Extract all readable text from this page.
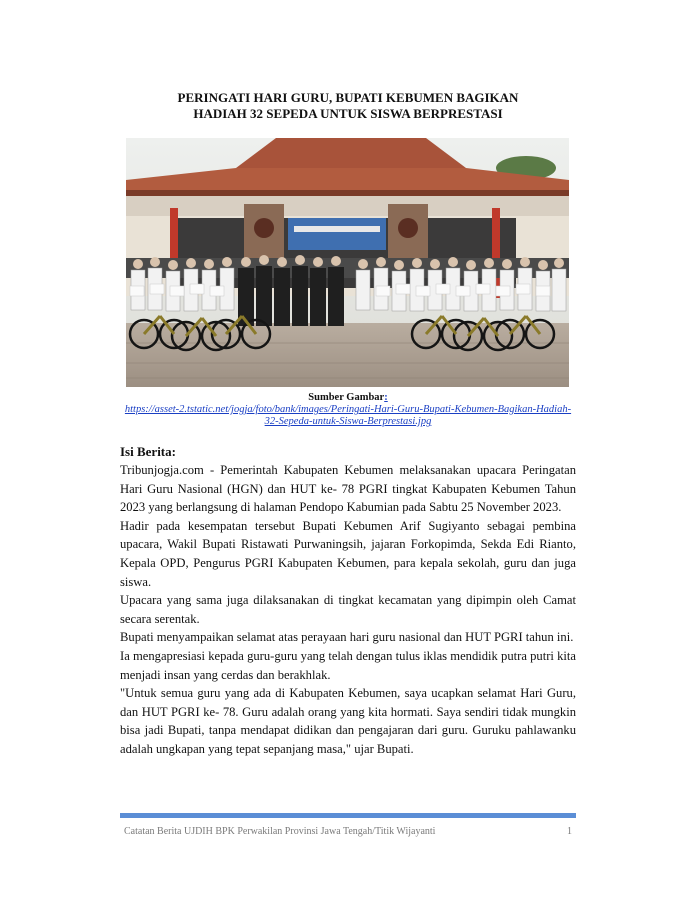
PERINGATI HARI GURU, BUPATI KEBUMEN BAGIKAN
HADIAH 32 SEPEDA UNTUK SISWA BERPRESTASI
Sumber Gambar:
https://asset-2.tstatic.net/jogja/foto/bank/images/Peringati-Hari-Guru-Bupati-Kebumen-Bagikan-Hadiah-
32-Sepeda-untuk-Siswa-Berprestasi.jpg
Isi Berita:

Tribunjogja.com - Pemerintah Kabupaten Kebumen melaksanakan upacara Peringatan Hari Guru Nasional (HGN) dan HUT ke- 78 PGRI tingkat Kabupaten Kebumen Tahun 2023 yang berlangsung di halaman Pendopo Kabumian pada Sabtu 25 November 2023.

Hadir pada kesempatan tersebut Bupati Kebumen Arif Sugiyanto sebagai pembina upacara, Wakil Bupati Ristawati Purwaningsih, jajaran Forkopimda, Sekda Edi Rianto, Kepala OPD, Pengurus PGRI Kabupaten Kebumen, para kepala sekolah, guru dan juga siswa.

Upacara yang sama juga dilaksanakan di tingkat kecamatan yang dipimpin oleh Camat secara serentak.

Bupati menyampaikan selamat atas perayaan hari guru nasional dan HUT PGRI tahun ini.

Ia mengapresiasi kepada guru-guru yang telah dengan tulus iklas mendidik putra putri kita menjadi insan yang cerdas dan berakhlak.

"Untuk semua guru yang ada di Kabupaten Kebumen, saya ucapkan selamat Hari Guru, dan HUT PGRI ke- 78. Guru adalah orang yang kita hormati. Saya sendiri tidak mungkin bisa jadi Bupati, tanpa mendapat didikan dan pengajaran dari guru. Guruku pahlawanku adalah ungkapan yang tepat sepanjang masa," ujar Bupati.

Catatan Berita UJDIH BPK Perwakilan Provinsi Jawa Tengah/Titik Wijayanti	1
